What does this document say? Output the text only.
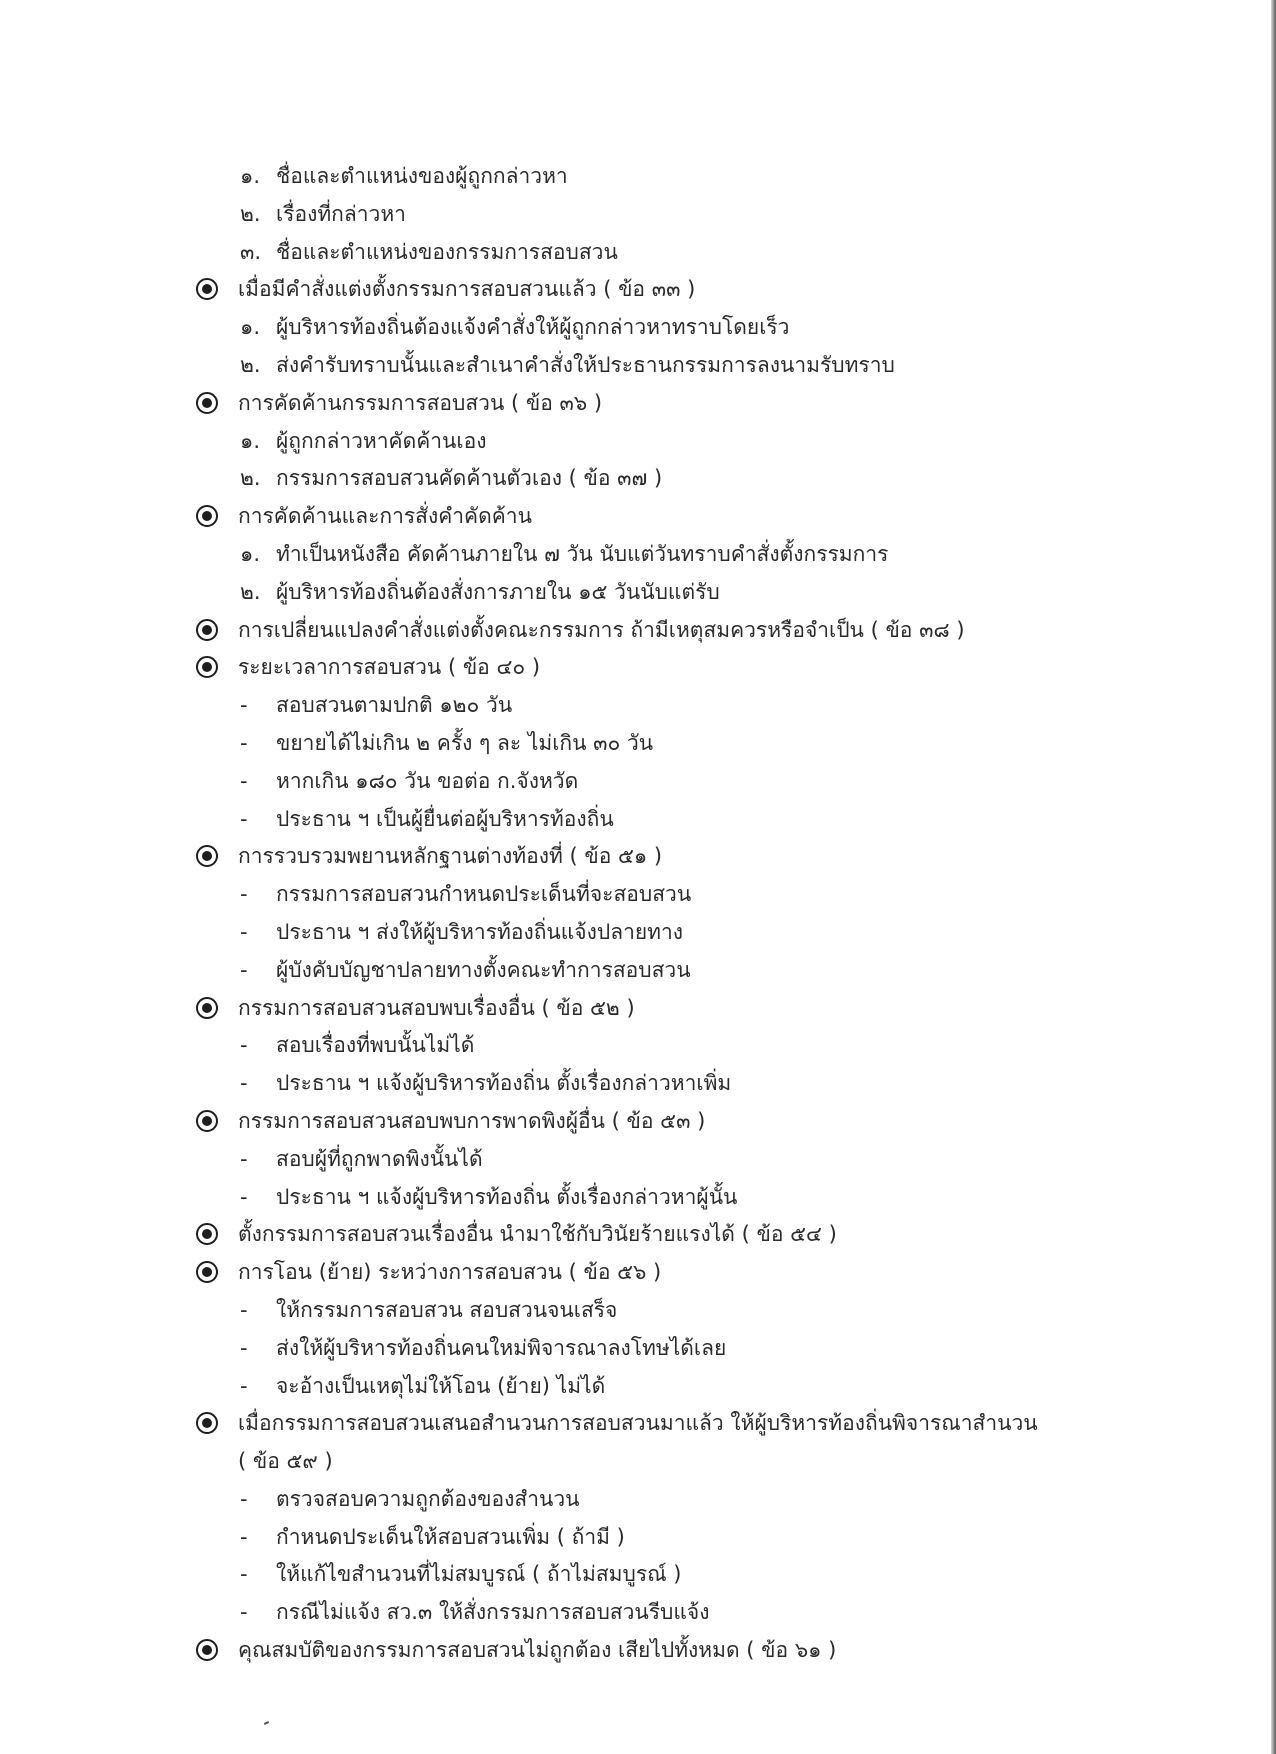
๑. ชื่อและตำแหน่งของผู้ถูกกล่าวหา
๒. เรื่องที่กล่าวหา
๓. ชื่อและตำแหน่งของกรรมการสอบสวน
เมื่อมีคำสั่งแต่งตั้งกรรมการสอบสวนแล้ว ( ข้อ ๓๓ )
๑. ผู้บริหารท้องถิ่นต้องแจ้งคำสั่งให้ผู้ถูกกล่าวหาทราบโดยเร็ว
๒. ส่งคำรับทราบนั้นและสำเนาคำสั่งให้ประธานกรรมการลงนามรับทราบ
การคัดค้านกรรมการสอบสวน ( ข้อ ๓๖ )
๑. ผู้ถูกกล่าวหาคัดค้านเอง
๒. กรรมการสอบสวนคัดค้านตัวเอง ( ข้อ ๓๗ )
การคัดค้านและการสั่งคำคัดค้าน
๑. ทำเป็นหนังสือ คัดค้านภายใน ๗ วัน นับแต่วันทราบคำสั่งตั้งกรรมการ
๒. ผู้บริหารท้องถิ่นต้องสั่งการภายใน ๑๕ วันนับแต่รับ
การเปลี่ยนแปลงคำสั่งแต่งตั้งคณะกรรมการ ถ้ามีเหตุสมควรหรือจำเป็น ( ข้อ ๓๘ )
ระยะเวลาการสอบสวน ( ข้อ ๔๐ )
- สอบสวนตามปกติ ๑๒๐ วัน
- ขยายได้ไม่เกิน ๒ ครั้ง ๆ ละ ไม่เกิน ๓๐ วัน
- หากเกิน ๑๘๐ วัน ขอต่อ ก.จังหวัด
- ประธาน ฯ เป็นผู้ยื่นต่อผู้บริหารท้องถิ่น
การรวบรวมพยานหลักฐานต่างท้องที่ ( ข้อ ๕๑ )
- กรรมการสอบสวนกำหนดประเด็นที่จะสอบสวน
- ประธาน ฯ ส่งให้ผู้บริหารท้องถิ่นแจ้งปลายทาง
- ผู้บังคับบัญชาปลายทางตั้งคณะทำการสอบสวน
กรรมการสอบสวนสอบพบเรื่องอื่น ( ข้อ ๕๒ )
- สอบเรื่องที่พบนั้นไม่ได้
- ประธาน ฯ แจ้งผู้บริหารท้องถิ่น ตั้งเรื่องกล่าวหาเพิ่ม
กรรมการสอบสวนสอบพบการพาดพิงผู้อื่น ( ข้อ ๕๓ )
- สอบผู้ที่ถูกพาดพิงนั้นได้
- ประธาน ฯ แจ้งผู้บริหารท้องถิ่น ตั้งเรื่องกล่าวหาผู้นั้น
ตั้งกรรมการสอบสวนเรื่องอื่น นำมาใช้กับวินัยร้ายแรงได้ ( ข้อ ๕๔ )
การโอน (ย้าย) ระหว่างการสอบสวน ( ข้อ ๕๖ )
- ให้กรรมการสอบสวน สอบสวนจนเสร็จ
- ส่งให้ผู้บริหารท้องถิ่นคนใหม่พิจารณาลงโทษได้เลย
- จะอ้างเป็นเหตุไม่ให้โอน (ย้าย) ไม่ได้
เมื่อกรรมการสอบสวนเสนอสำนวนการสอบสวนมาแล้ว ให้ผู้บริหารท้องถิ่นพิจารณาสำนวน
( ข้อ ๕๙ )
- ตรวจสอบความถูกต้องของสำนวน
- กำหนดประเด็นให้สอบสวนเพิ่ม ( ถ้ามี )
- ให้แก้ไขสำนวนที่ไม่สมบูรณ์ ( ถ้าไม่สมบูรณ์ )
- กรณีไม่แจ้ง สว.๓ ให้สั่งกรรมการสอบสวนรีบแจ้ง
คุณสมบัติของกรรมการสอบสวนไม่ถูกต้อง เสียไปทั้งหมด ( ข้อ ๖๑ )
